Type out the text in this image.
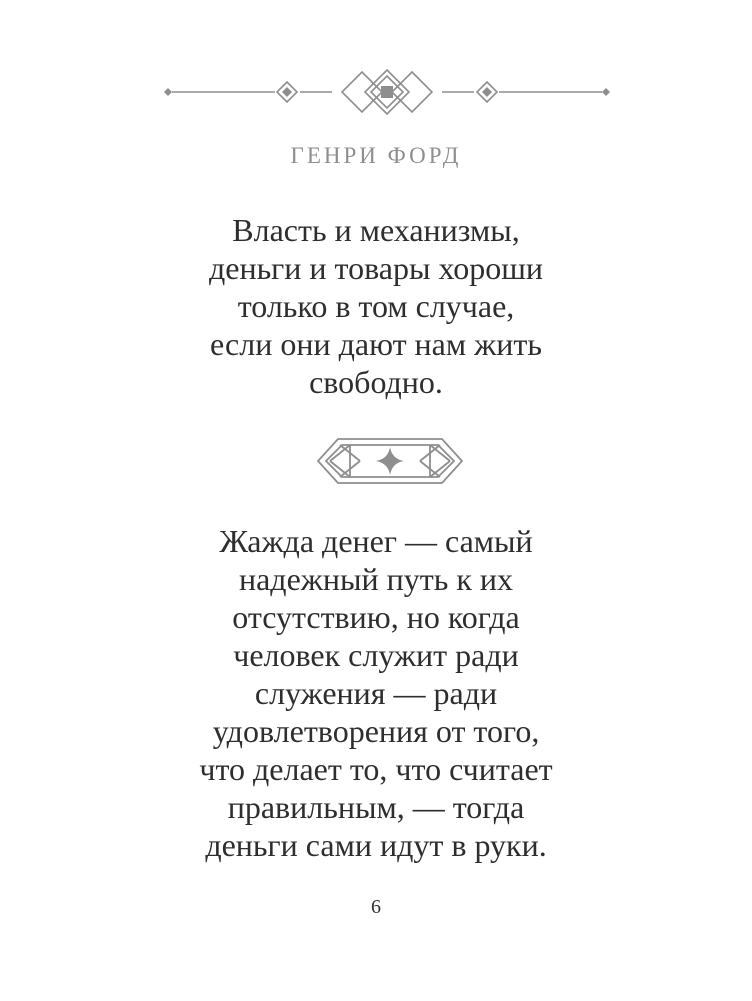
ГЕНРИ ФОРД
Власть и механизмы,
деньги и товары хороши
только в том случае,
если они дают нам жить
свободно.
Жажда денег — самый
надежный путь к их
отсутствию, но когда
человек служит ради
служения — ради
удовлетворения от того,
что делает то, что считает
правильным, — тогда
деньги сами идут в руки.
6
